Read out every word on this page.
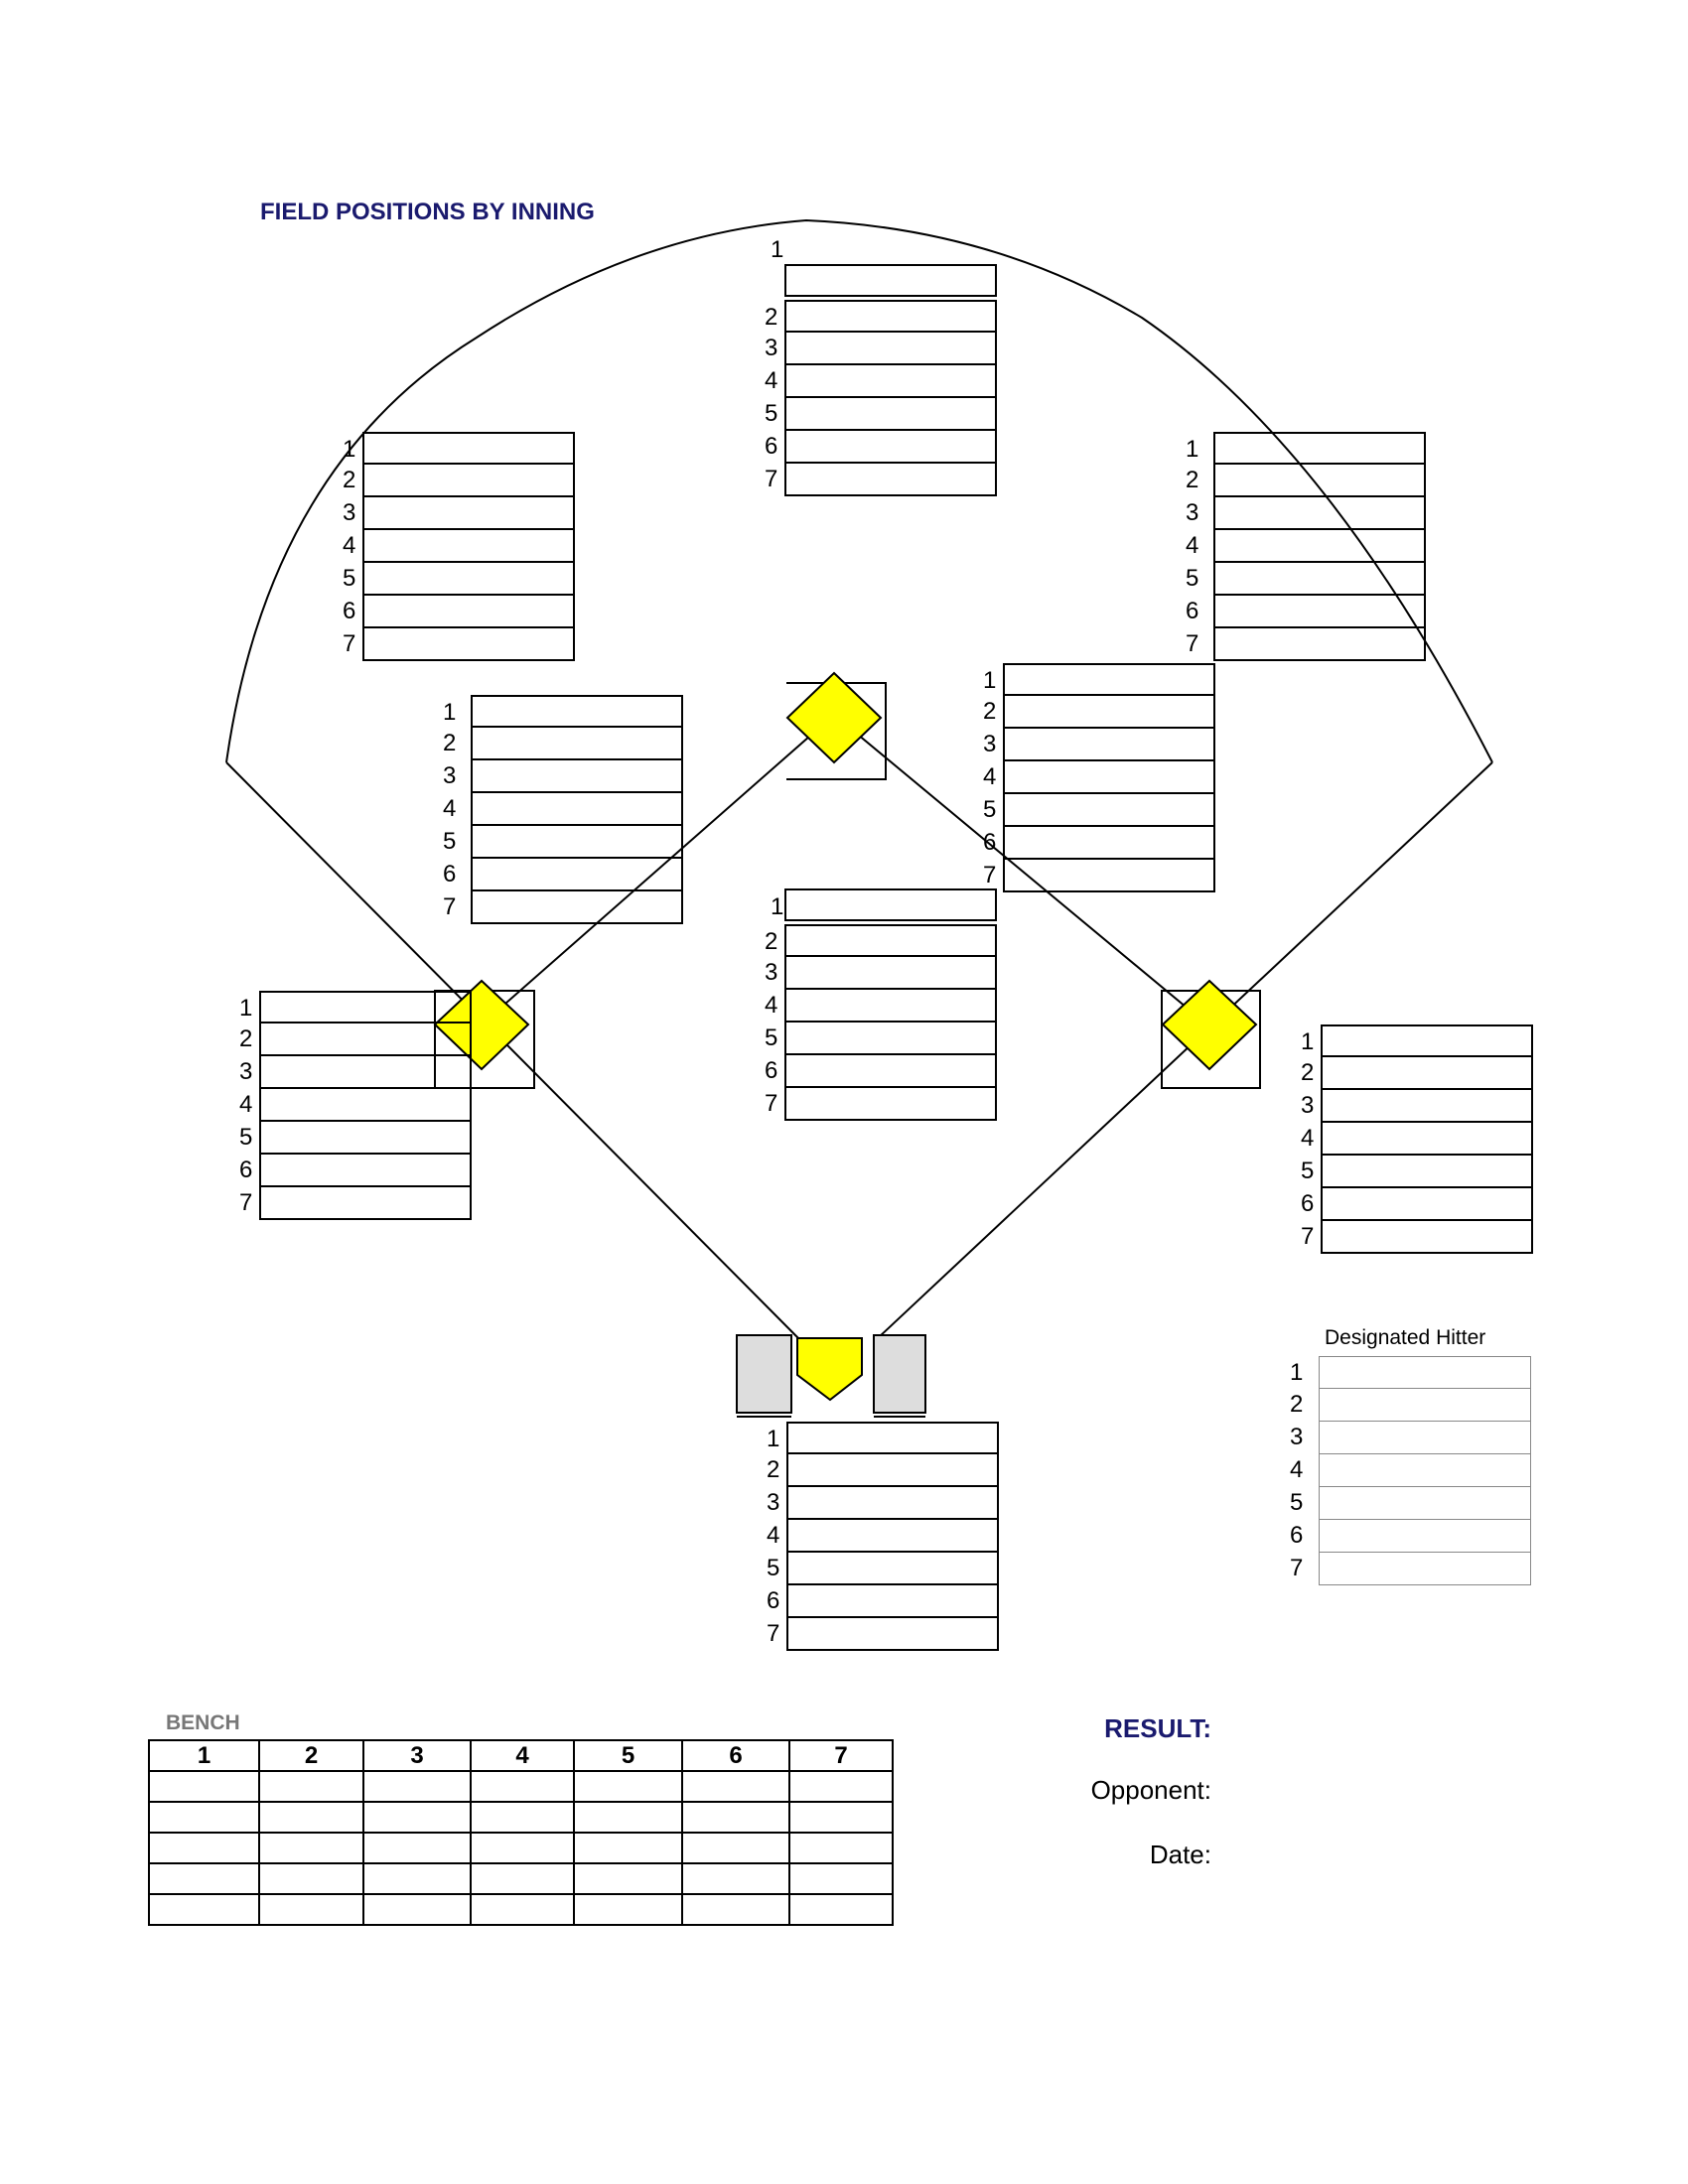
FIELD POSITIONS BY INNING
1
2
3
4
5
6
7
1
2
3
4
5
6
7
1
2
3
4
5
6
7
1
2
3
4
5
6
7
1
2
3
4
5
6
7
1
2
3
4
5
6
7
1
2
3
4
5
6
7
1
2
3
4
5
6
7
1
2
3
4
5
6
7
1
2
3
4
5
6
7
Designated Hitter
BENCH
1	2	3	4	5	6	7

RESULT:
Opponent:
Date:
